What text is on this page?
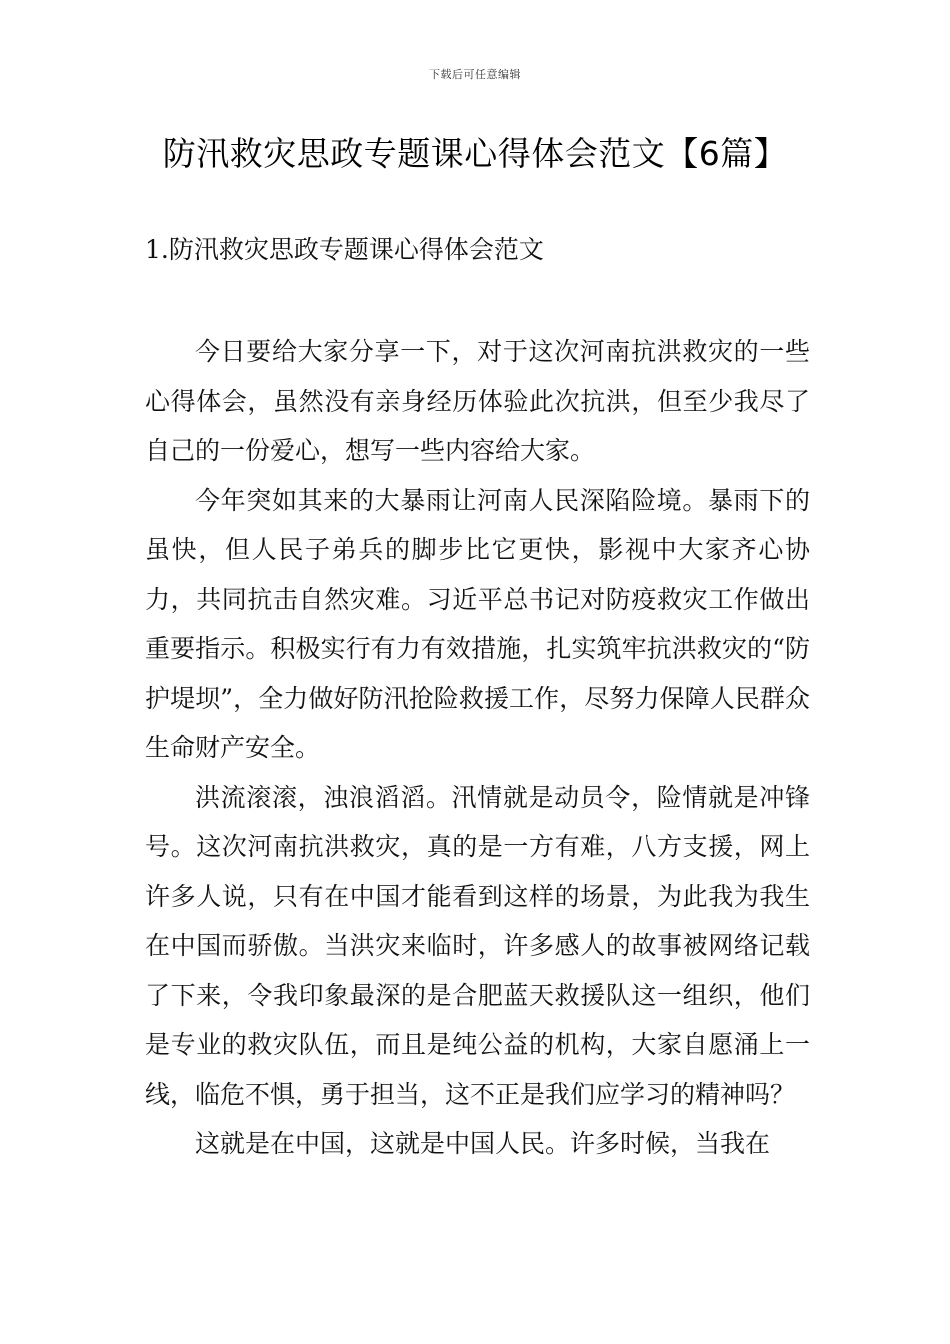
下载后可任意编辑
防汛救灾思政专题课心得体会范文【6篇】
1.防汛救灾思政专题课心得体会范文

今日要给大家分享一下，对于这次河南抗洪救灾的一些心得体会，虽然没有亲身经历体验此次抗洪，但至少我尽了自己的一份爱心，想写一些内容给大家。

今年突如其来的大暴雨让河南人民深陷险境。暴雨下的虽快，但人民子弟兵的脚步比它更快，影视中大家齐心协力，共同抗击自然灾难。习近平总书记对防疫救灾工作做出重要指示。积极实行有力有效措施，扎实筑牢抗洪救灾的“防护堤坝”，全力做好防汛抢险救援工作，尽努力保障人民群众生命财产安全。

洪流滚滚，浊浪滔滔。汛情就是动员令，险情就是冲锋号。这次河南抗洪救灾，真的是一方有难，八方支援，网上许多人说，只有在中国才能看到这样的场景，为此我为我生在中国而骄傲。当洪灾来临时，许多感人的故事被网络记载了下来，令我印象最深的是合肥蓝天救援队这一组织，他们是专业的救灾队伍，而且是纯公益的机构，大家自愿涌上一线，临危不惧，勇于担当，这不正是我们应学习的精神吗？

这就是在中国，这就是中国人民。许多时候，当我在
